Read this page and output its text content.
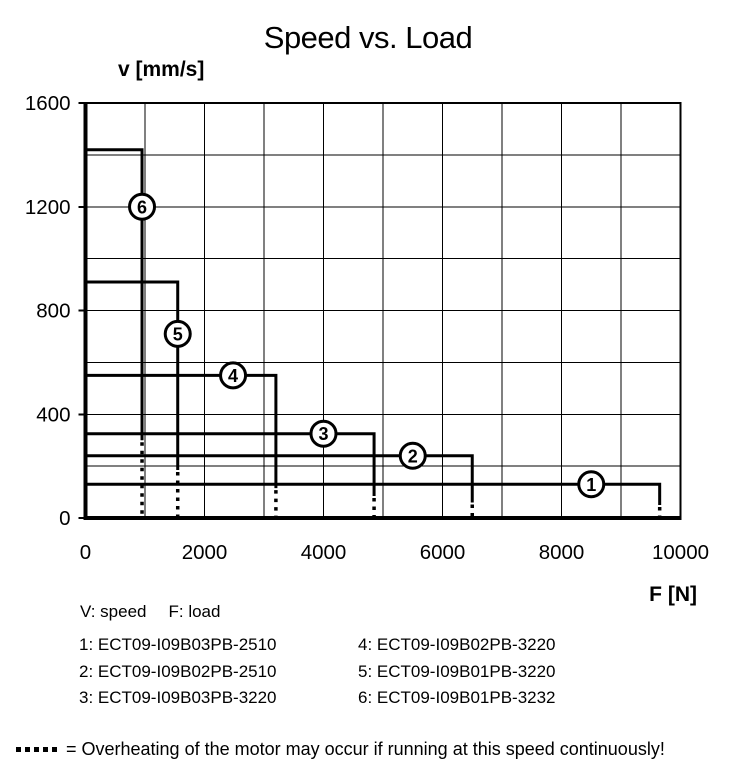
Speed vs. Load
v [mm/s]
1
2
3
4
5
6
0	2000	4000	6000	8000	10000
0
400
800
1200
1600
F [N]
V: speed F: load
1: ECT09-I09B03PB-2510
2: ECT09-I09B02PB-2510
3: ECT09-I09B03PB-3220
4: ECT09-I09B02PB-3220
5: ECT09-I09B01PB-3220
6: ECT09-I09B01PB-3232
= Overheating of the motor may occur if running at this speed continuously!
